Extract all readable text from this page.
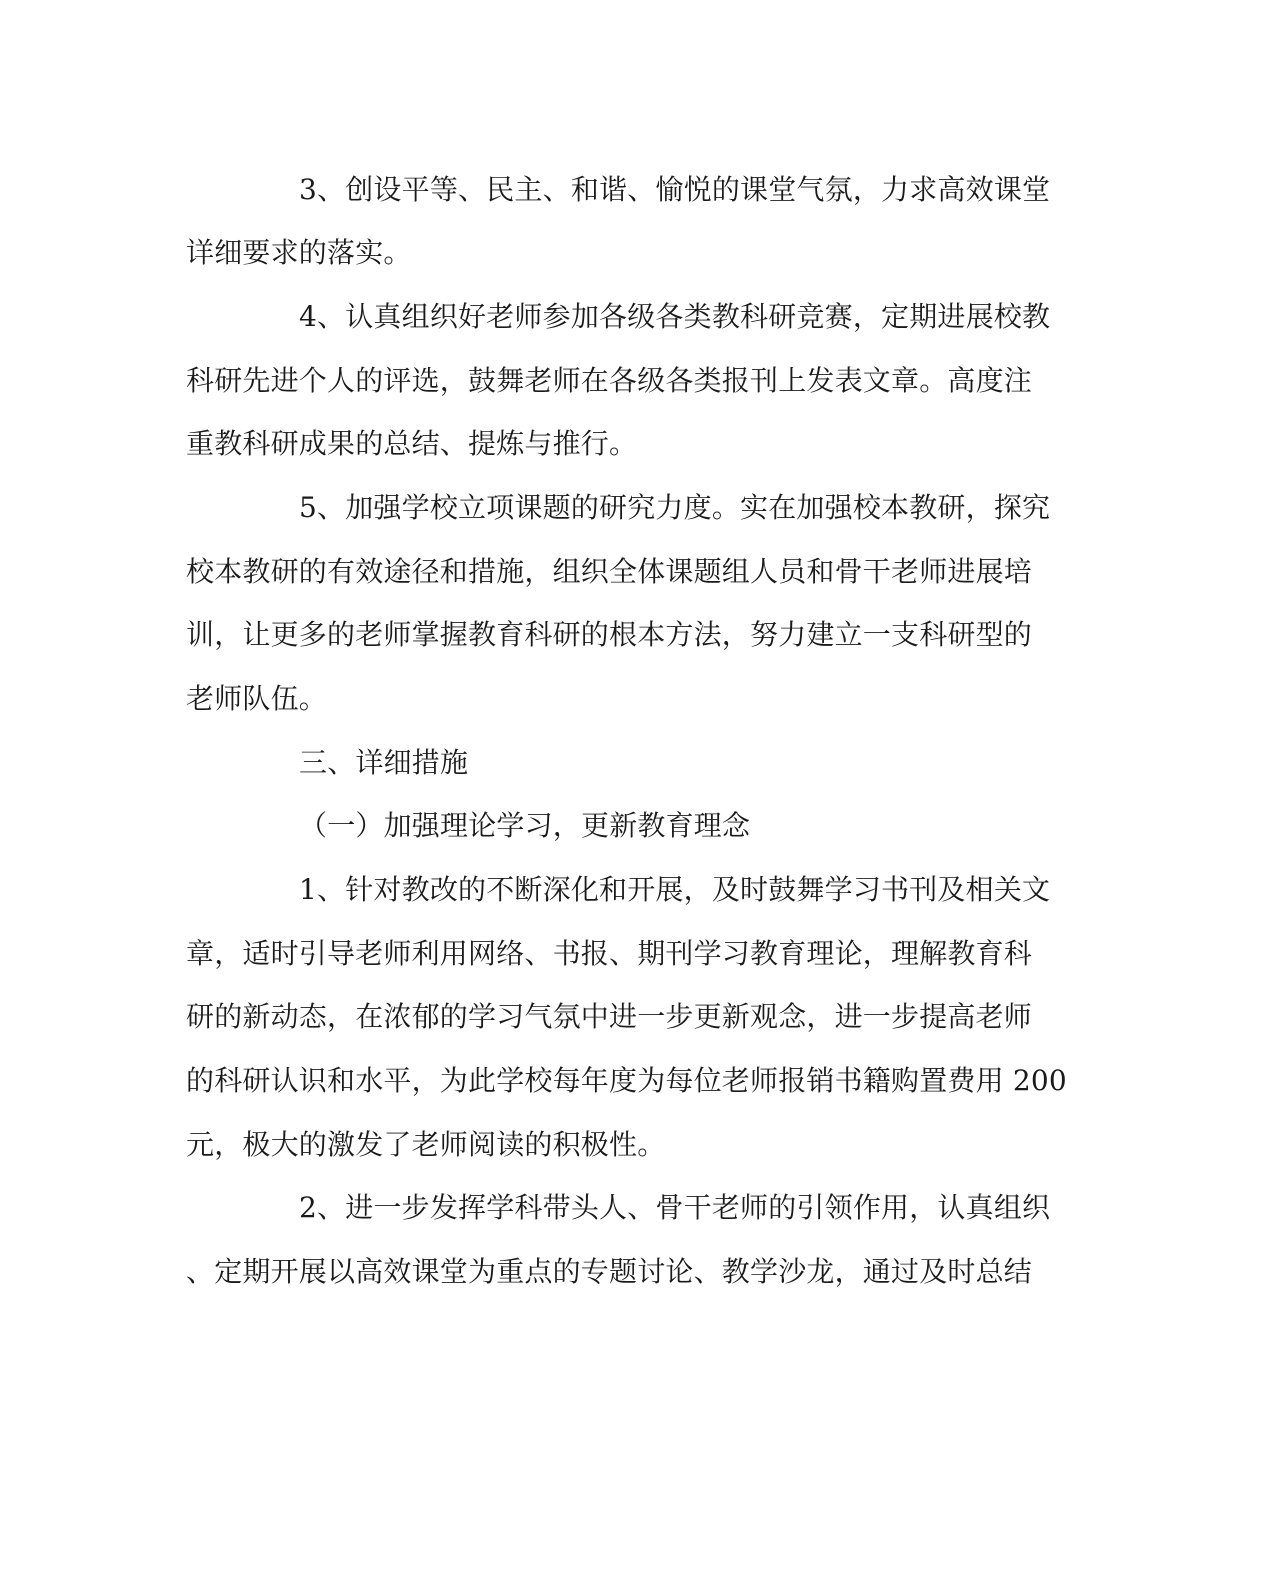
3、创设平等、民主、和谐、愉悦的课堂气氛，力求高效课堂
详细要求的落实。
4、认真组织好老师参加各级各类教科研竞赛，定期进展校教
科研先进个人的评选，鼓舞老师在各级各类报刊上发表文章。高度注
重教科研成果的总结、提炼与推行。
5、加强学校立项课题的研究力度。实在加强校本教研，探究
校本教研的有效途径和措施，组织全体课题组人员和骨干老师进展培
训，让更多的老师掌握教育科研的根本方法，努力建立一支科研型的
老师队伍。
三、详细措施
（一）加强理论学习，更新教育理念
1、针对教改的不断深化和开展，及时鼓舞学习书刊及相关文
章，适时引导老师利用网络、书报、期刊学习教育理论，理解教育科
研的新动态，在浓郁的学习气氛中进一步更新观念，进一步提高老师
的科研认识和水平，为此学校每年度为每位老师报销书籍购置费用 200
元，极大的激发了老师阅读的积极性。
2、进一步发挥学科带头人、骨干老师的引领作用，认真组织
、定期开展以高效课堂为重点的专题讨论、教学沙龙，通过及时总结
